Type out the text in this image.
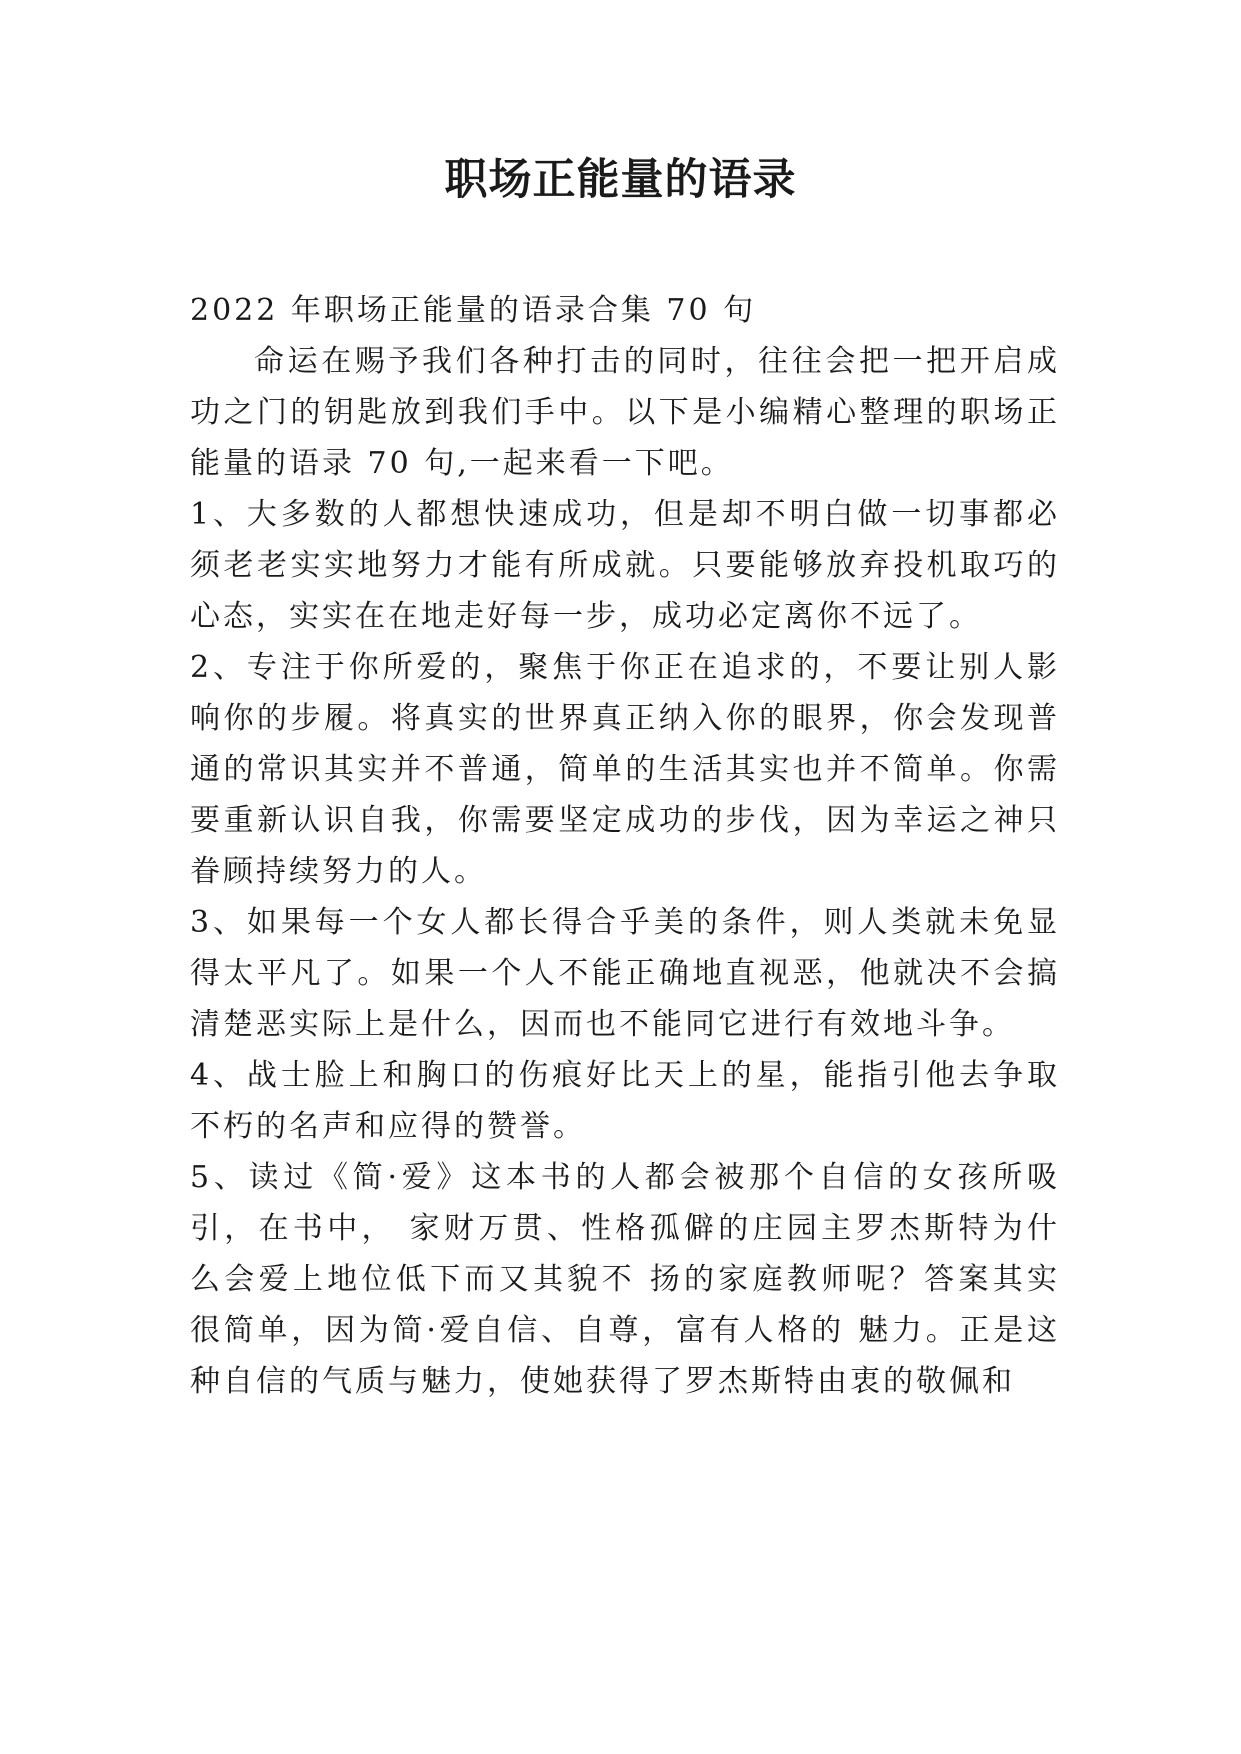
职场正能量的语录

2022 年职场正能量的语录合集 70 句

命运在赐予我们各种打击的同时，往往会把一把开启成功之门的钥匙放到我们手中。以下是小编精心整理的职场正能量的语录 70 句,一起来看一下吧。

1、大多数的人都想快速成功，但是却不明白做一切事都必须老老实实地努力才能有所成就。只要能够放弃投机取巧的心态，实实在在地走好每一步，成功必定离你不远了。

2、专注于你所爱的，聚焦于你正在追求的，不要让别人影响你的步履。将真实的世界真正纳入你的眼界，你会发现普通的常识其实并不普通，简单的生活其实也并不简单。你需要重新认识自我，你需要坚定成功的步伐，因为幸运之神只眷顾持续努力的人。

3、如果每一个女人都长得合乎美的条件，则人类就未免显得太平凡了。如果一个人不能正确地直视恶，他就决不会搞清楚恶实际上是什么，因而也不能同它进行有效地斗争。

4、战士脸上和胸口的伤痕好比天上的星，能指引他去争取不朽的名声和应得的赞誉。

5、读过《简·爱》这本书的人都会被那个自信的女孩所吸引，在书中， 家财万贯、性格孤僻的庄园主罗杰斯特为什么会爱上地位低下而又其貌不 扬的家庭教师呢？答案其实很简单，因为简·爱自信、自尊，富有人格的 魅力。正是这种自信的气质与魅力，使她获得了罗杰斯特由衷的敬佩和
